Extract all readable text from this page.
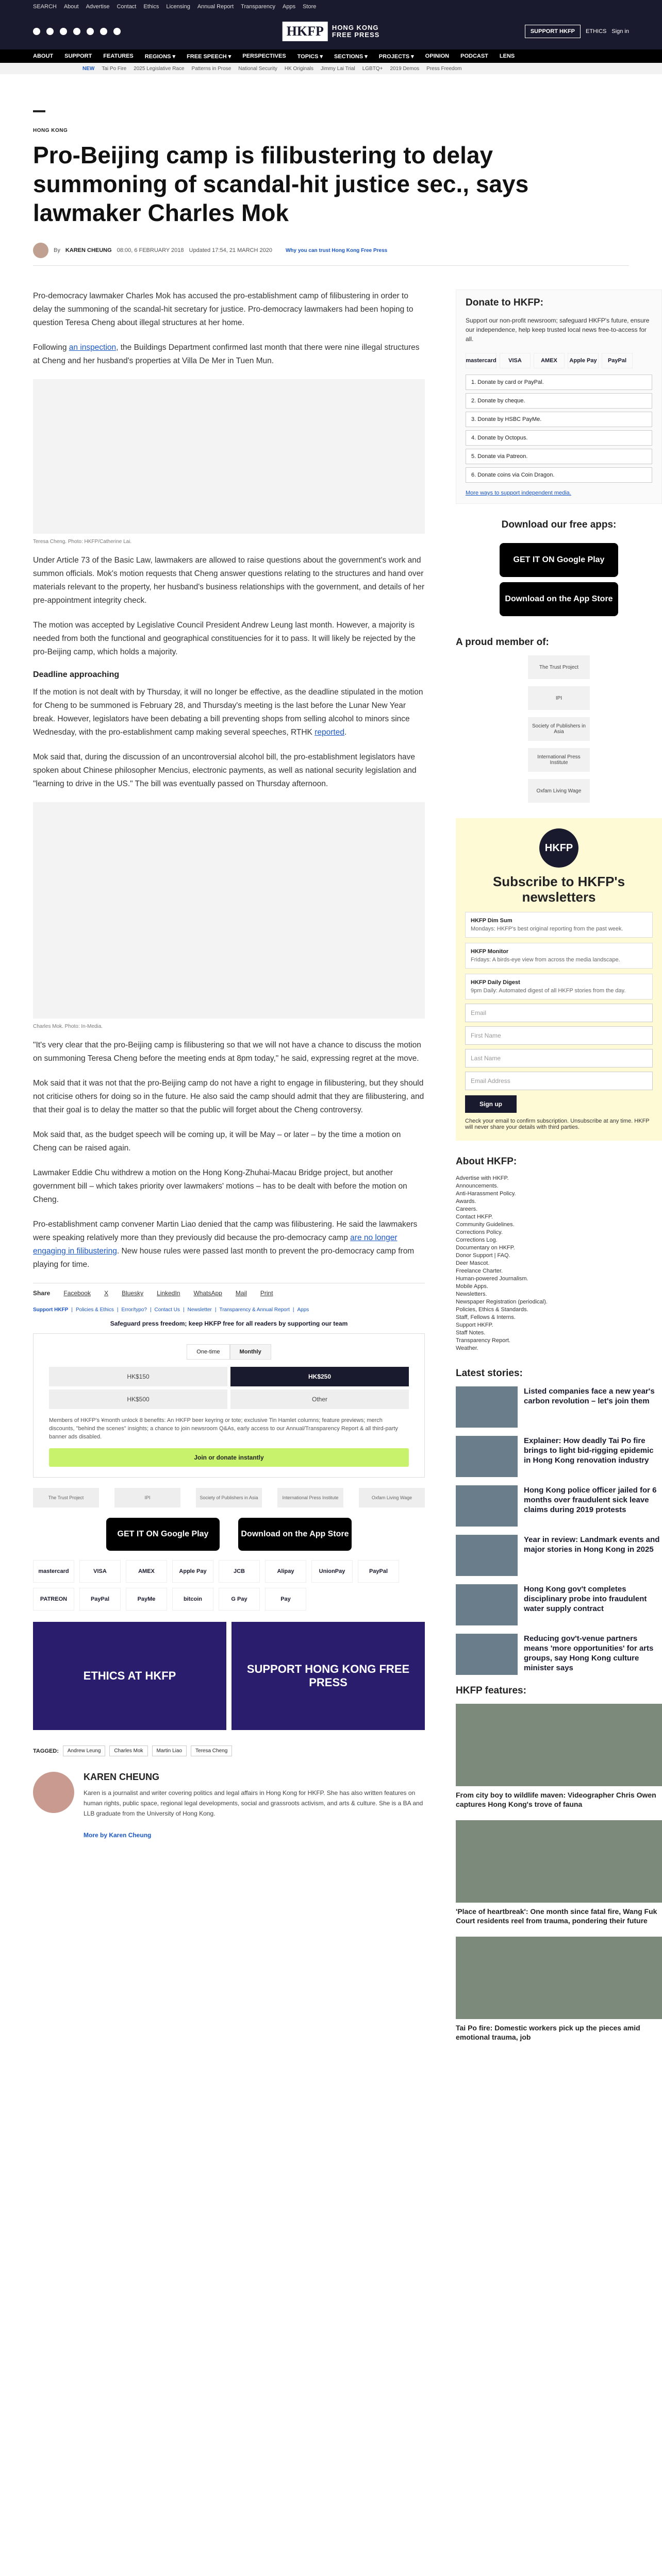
SEARCH About Advertise Contact Ethics Licensing Annual Report Transparency Apps Store
HKFP	HONG KONG
FREE PRESS	SUPPORT HKFP	ETHICS Sign in
ABOUT SUPPORT FEATURES REGIONS ▾ FREE SPEECH ▾ PERSPECTIVES TOPICS ▾ SECTIONS ▾ PROJECTS ▾ OPINION PODCAST LENS
NEW Tai Po Fire 2025 Legislative Race Patterns in Prose National Security HK Originals Jimmy Lai Trial LGBTQ+ 2019 Demos Press Freedom
HONG KONG
Pro-Beijing camp is filibustering to delay summoning of scandal-hit justice sec., says lawmaker Charles Mok
By KAREN CHEUNG 08:00, 6 FEBRUARY 2018 Updated 17:54, 21 MARCH 2020	Why you can trust Hong Kong Free Press

Pro-democracy lawmaker Charles Mok has accused the pro-establishment camp of filibustering in order to delay the summoning of the scandal-hit secretary for justice. Pro-democracy lawmakers had been hoping to question Teresa Cheng about illegal structures at her home.

Following an inspection, the Buildings Department confirmed last month that there were nine illegal structures at Cheng and her husband's properties at Villa De Mer in Tuen Mun.

Teresa Cheng. Photo: HKFP/Catherine Lai.

Under Article 73 of the Basic Law, lawmakers are allowed to raise questions about the government's work and summon officials. Mok's motion requests that Cheng answer questions relating to the structures and hand over materials relevant to the property, her husband's business relationships with the government, and details of her pre-appointment integrity check.

The motion was accepted by Legislative Council President Andrew Leung last month. However, a majority is needed from both the functional and geographical constituencies for it to pass. It will likely be rejected by the pro-Beijing camp, which holds a majority.

Deadline approaching

If the motion is not dealt with by Thursday, it will no longer be effective, as the deadline stipulated in the motion for Cheng to be summoned is February 28, and Thursday's meeting is the last before the Lunar New Year break. However, legislators have been debating a bill preventing shops from selling alcohol to minors since Wednesday, with the pro-establishment camp making several speeches, RTHK reported.

Mok said that, during the discussion of an uncontroversial alcohol bill, the pro-establishment legislators have spoken about Chinese philosopher Mencius, electronic payments, as well as national security legislation and "learning to drive in the US." The bill was eventually passed on Thursday afternoon.

Charles Mok. Photo: In-Media.

"It's very clear that the pro-Beijing camp is filibustering so that we will not have a chance to discuss the motion on summoning Teresa Cheng before the meeting ends at 8pm today," he said, expressing regret at the move.

Mok said that it was not that the pro-Beijing camp do not have a right to engage in filibustering, but they should not criticise others for doing so in the future. He also said the camp should admit that they are filibustering, and that their goal is to delay the matter so that the public will forget about the Cheng controversy.

Mok said that, as the budget speech will be coming up, it will be May – or later – by the time a motion on Cheng can be raised again.

Lawmaker Eddie Chu withdrew a motion on the Hong Kong-Zhuhai-Macau Bridge project, but another government bill – which takes priority over lawmakers' motions – has to be dealt with before the motion on Cheng.

Pro-establishment camp convener Martin Liao denied that the camp was filibustering. He said the lawmakers were speaking relatively more than they previously did because the pro-democracy camp are no longer engaging in filibustering. New house rules were passed last month to prevent the pro-democracy camp from playing for time.

Share Facebook X Bluesky LinkedIn WhatsApp Mail Print
Support HKFP | Policies & Ethics | Error/typo? | Contact Us | Newsletter | Transparency & Annual Report | Apps
Safeguard press freedom; keep HKFP free for all readers by supporting our team
One-time	Monthly
HK$150	HK$250
HK$500	Other
Members of HKFP's ¥month unlock 8 benefits: An HKFP beer keyring or tote; exclusive Tin Hamlet columns; feature previews; merch discounts, "behind the scenes" insights; a chance to join newsroom Q&As, early access to our Annual/Transparency Report & all third-party banner ads disabled.
Join or donate instantly
The Trust Project	IPI	Society of Publishers in Asia	International Press Institute	Oxfam Living Wage
GET IT ON Google Play	Download on the App Store
mastercard	VISA	AMEX	Apple Pay	JCB	Alipay	UnionPay	PayPal
PATREON	PayPal	PayMe	bitcoin	G Pay	Pay
ETHICS AT HKFP
SUPPORT HONG KONG FREE PRESS
TAGGED:	Andrew Leung	Charles Mok	Martin Liao	Teresa Cheng
KAREN CHEUNG

Karen is a journalist and writer covering politics and legal affairs in Hong Kong for HKFP. She has also written features on human rights, public space, regional legal developments, social and grassroots activism, and arts & culture. She is a BA and LLB graduate from the University of Hong Kong.

More by Karen Cheung

Donate to HKFP:

Support our non-profit newsroom; safeguard HKFP's future, ensure our independence, help keep trusted local news free-to-access for all.

mastercard	VISA	AMEX	Apple Pay	PayPal
1. Donate by card or PayPal.
2. Donate by cheque.
3. Donate by HSBC PayMe.
4. Donate by Octopus.
5. Donate via Patreon.
6. Donate coins via Coin Dragon.

More ways to support independent media.

Download our free apps:
GET IT ON Google Play
Download on the App Store
A proud member of:
The Trust Project
IPI
Society of Publishers in Asia
International Press Institute
Oxfam Living Wage
HKFP
Subscribe to HKFP's newsletters
HKFP Dim Sum
Mondays: HKFP's best original reporting from the past week.
HKFP Monitor
Fridays: A birds-eye view from across the media landscape.
HKFP Daily Digest
9pm Daily: Automated digest of all HKFP stories from the day.
Email
First Name
Last Name
Email Address
Sign up

Check your email to confirm subscription. Unsubscribe at any time. HKFP will never share your details with third parties.

About HKFP:
Advertise with HKFP.
Announcements.
Anti-Harassment Policy.
Awards.
Careers.
Contact HKFP.
Community Guidelines.
Corrections Policy.
Corrections Log.
Documentary on HKFP.
Donor Support | FAQ.
Deer Mascot.
Freelance Charter.
Human-powered Journalism.
Mobile Apps.
Newsletters.
Newspaper Registration (periodical).
Policies, Ethics & Standards.
Staff, Fellows & Interns.
Support HKFP.
Staff Notes.
Transparency Report.
Weather.
Latest stories:
Listed companies face a new year's carbon revolution – let's join them
Explainer: How deadly Tai Po fire brings to light bid-rigging epidemic in Hong Kong renovation industry
Hong Kong police officer jailed for 6 months over fraudulent sick leave claims during 2019 protests
Year in review: Landmark events and major stories in Hong Kong in 2025
Hong Kong gov't completes disciplinary probe into fraudulent water supply contract
Reducing gov't-venue partners means 'more opportunities' for arts groups, say Hong Kong culture minister says
HKFP features:
From city boy to wildlife maven: Videographer Chris Owen captures Hong Kong's trove of fauna
'Place of heartbreak': One month since fatal fire, Wang Fuk Court residents reel from trauma, pondering their future
Tai Po fire: Domestic workers pick up the pieces amid emotional trauma, job
